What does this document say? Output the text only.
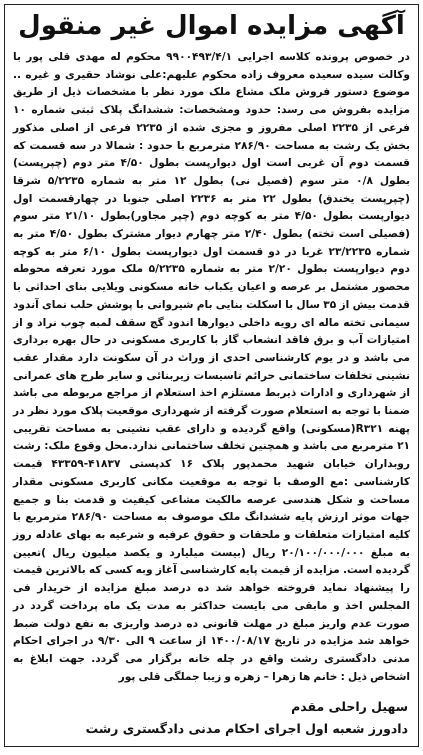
آگهی مزایده اموال غیر منقول

در خصوص پرونده کلاسه اجرایی ۹۹۰۰۴۹۳/۴/۱ محکوم له مهدی قلی پور با وکالت سیده سعیده معروف زاده محکوم علیهم:علی نوشاد حقیری و غیره .. موضوع دستور فروش ملک مشاع ملک مورد نظر با مشخصات ذیل از طریق مزایده بفروش می رسد: حدود ومشخصات: ششدانگ پلاک ثبتی شماره ۱۰ فرعی از ۲۲۳۵ اصلی مفروز و مجزی شده از ۲۲۳۵ فرعی از اصلی مذکور بخش یک رشت به مساحت ۲۸۶/۹۰ مترمربع با حدود : شمالا در سه قسمت که قسمت دوم آن غربی است اول دیوارپست بطول ۴/۵۰ متر دوم (چپرپست) بطول ۰/۸ متر سوم (فصیل نی) بطول ۱۲ متر به شماره ۵/۲۲۳۵ شرقا (چپرپست یخندق) بطول ۲۲ متر به ۲۲۳۶ اصلی جنوبا در چهارقسمت اول دیوارپست بطول ۴/۵۰ متر به کوچه دوم (چپر مجاور)بطول ۲۱/۱۰ متر سوم (فصیلی است تخته) بطول ۲/۴۰ متر چهارم دیوار مشترک بطول ۴/۵۰ متر به شماره ۲۳/۲۲۳۵ غربا در دو قسمت اول دیوارپست بطول ۶/۱۰ متر به کوچه دوم دیوارپست بطول ۲/۲۰ متر به شماره ۵/۲۲۳۵ ملک مورد تعرفه محوطه محصور مشتمل بر عرصه و اعیان یکباب خانه مسکونی ویلایی بنای احداثی با قدمت بیش از ۳۵ سال با اسکلت بنایی بام شیروانی با پوشش حلب نمای آندود سیمانی تخته ماله ای رویه داخلی دیوارها اندود گچ سقف لمبه چوب نراد و از امتیازات آب و برق فاقد انشعاب گاز با کاربری مسکونی در حال بهره برداری می باشد و در یوم کارشناسی احدی از وراث در آن سکونت دارد مقدار عقب نشینی تخلفات ساختمانی حرائم تاسیسات زیربنائی و سایر طرح های عمرانی از شهرداری و ادارات ذیربط مستلزم اخذ استعلام از مراجع مربوطه می باشد ضمنا با توجه به استعلام صورت گرفته از شهرداری موقعیت پلاک مورد نظر در پهنه R۳۲۱(مسکونی) واقع گردیده و دارای عقب نشینی به مساحت تقریبی ۲۱ مترمربع می باشد و همچنین تخلف ساختمانی ندارد.محل وقوع ملک: رشت روبداران خیابان شهید محمدپور پلاک ۱۶ کدپستی ۴۱۸۳۷-۴۳۳۵۹ قیمت کارشناسی :مع الوصف با توجه به موقعیت مکانی کاربری مسکونی مقدار مساحت و شکل هندسی عرصه مالکیت مشاعی کیفیت و قدمت بنا و جمیع جهات موثر ارزش پایه ششدانگ ملک موصوف به مساحت ۲۸۶/۹۰ مترمربع با کلیه امتیازات متعلقات و ملحقات و حقوق عرفیه و شرعیه به بهای عادله روز به مبلغ ۲۰/۱۰۰/۰۰۰/۰۰۰ ریال (بیست میلیارد و یکصد میلیون ریال )تعیین گردیده است. مزایده از قیمت پایه کارشناسی آغاز وبه کسی که بالاترین قیمت را پیشنهاد نماید فروخته خواهد شد ده درصد مبلغ مزایده از خریدار فی المجلس اخذ و مابقی می بایست حداکثر به مدت یک ماه پرداخت گردد در صورت عدم واریز مبلغ در مهلت قانونی ده درصد واریزی به نفع دولت ضبط خواهد شد مزایده در تاریخ ۱۴۰۰/۰۸/۱۷ از ساعت ۹ الی ۹/۳۰ در اجرای احکام مدنی دادگستری رشت واقع در چله خانه برگزار می گردد. جهت ابلاغ به اشخاص ذیل : خانم ها زهرا – زهره و زیبا جملگی قلی پور

سهیل راحلی مقدم
دادورز شعبه اول اجرای احکام مدنی دادگستری رشت
